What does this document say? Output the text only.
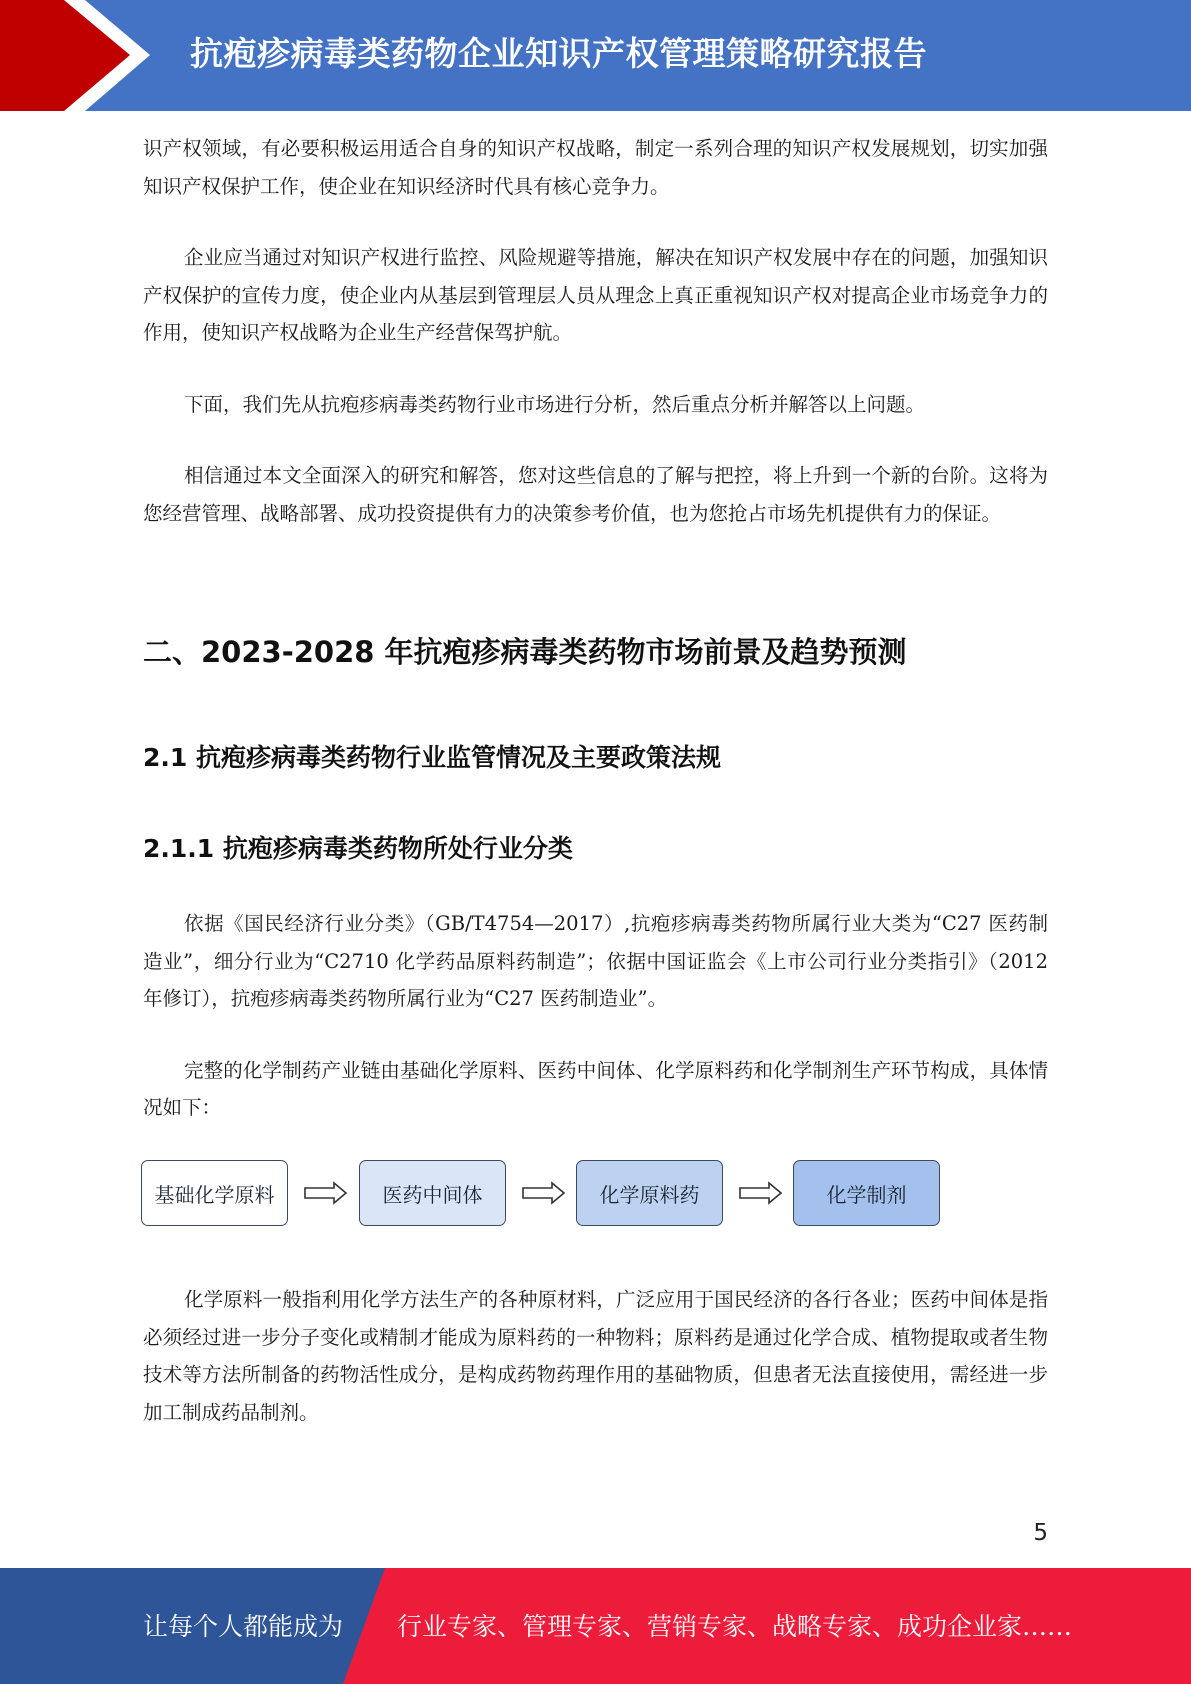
抗疱疹病毒类药物企业知识产权管理策略研究报告

识产权领域，有必要积极运用适合自身的知识产权战略，制定一系列合理的知识产权发展规划，切实加强知识产权保护工作，使企业在知识经济时代具有核心竞争力。

企业应当通过对知识产权进行监控、风险规避等措施，解决在知识产权发展中存在的问题，加强知识产权保护的宣传力度，使企业内从基层到管理层人员从理念上真正重视知识产权对提高企业市场竞争力的作用，使知识产权战略为企业生产经营保驾护航。

下面，我们先从抗疱疹病毒类药物行业市场进行分析，然后重点分析并解答以上问题。

相信通过本文全面深入的研究和解答，您对这些信息的了解与把控，将上升到一个新的台阶。这将为您经营管理、战略部署、成功投资提供有力的决策参考价值，也为您抢占市场先机提供有力的保证。

二、2023-2028 年抗疱疹病毒类药物市场前景及趋势预测
2.1 抗疱疹病毒类药物行业监管情况及主要政策法规
2.1.1 抗疱疹病毒类药物所处行业分类

依据《国民经济行业分类》（GB/T4754—2017）,抗疱疹病毒类药物所属行业大类为“C27 医药制造业”，细分行业为“C2710 化学药品原料药制造”；依据中国证监会《上市公司行业分类指引》（2012 年修订），抗疱疹病毒类药物所属行业为“C27 医药制造业”。

完整的化学制药产业链由基础化学原料、医药中间体、化学原料药和化学制剂生产环节构成，具体情况如下：

基础化学原料	医药中间体	化学原料药	化学制剂

化学原料一般指利用化学方法生产的各种原材料，广泛应用于国民经济的各行各业；医药中间体是指必须经过进一步分子变化或精制才能成为原料药的一种物料；原料药是通过化学合成、植物提取或者生物技术等方法所制备的药物活性成分，是构成药物药理作用的基础物质，但患者无法直接使用，需经进一步加工制成药品制剂。

5
让每个人都能成为 行业专家、管理专家、营销专家、战略专家、成功企业家……
